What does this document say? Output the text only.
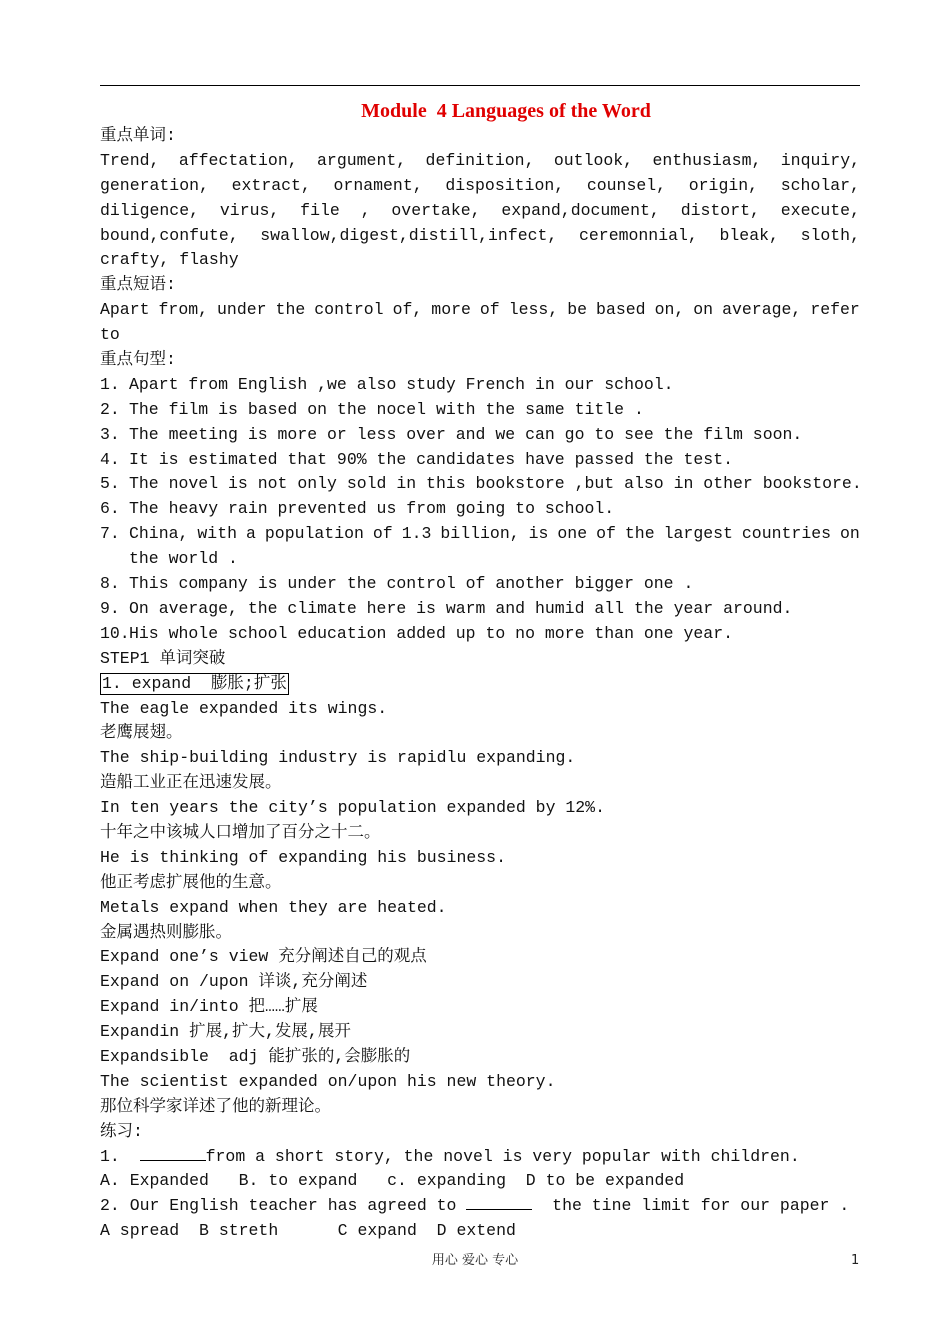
Module  4 Languages of the Word
重点单词:
Trend, affectation, argument, definition, outlook, enthusiasm, inquiry,
generation, extract, ornament, disposition, counsel, origin, scholar,
diligence, virus, file , overtake, expand,document, distort, execute,
bound,confute, swallow,digest,distill,infect, ceremonnial, bleak, sloth,
crafty, flashy
重点短语:
Apart from, under the control of, more of less, be based on, on average, refer
to
重点句型:
1. Apart from English ,we also study French in our school.
2. The film is based on the nocel with the same title .
3. The meeting is more or less over and we can go to see the film soon.
4. It is estimated that 90% the candidates have passed the test.
5. The novel is not only sold in this bookstore ,but also in other bookstore.
6. The heavy rain prevented us from going to school.
7. China, with a population of 1.3 billion, is one of the largest countries on
the world .
8. This company is under the control of another bigger one .
9. On average, the climate here is warm and humid all the year around.
10. His whole school education added up to no more than one year.
STEP1 单词突破
1. expand  膨胀;扩张
The eagle expanded its wings.
老鹰展翅。
The ship-building industry is rapidlu expanding.
造船工业正在迅速发展。
In ten years the city’s population expanded by 12%.
十年之中该城人口增加了百分之十二。
He is thinking of expanding his business.
他正考虑扩展他的生意。
Metals expand when they are heated.
金属遇热则膨胀。
Expand one’s view 充分阐述自己的观点
Expand on /upon 详谈,充分阐述
Expand in/into 把……扩展
Expandin 扩展,扩大,发展,展开
Expandsible  adj 能扩张的,会膨胀的
The scientist expanded on/upon his new theory.
那位科学家详述了他的新理论。
练习:
1.	from a short story, the novel is very popular with children.
A. Expanded   B. to expand   c. expanding  D to be expanded
2. Our English teacher has agreed to	the tine limit for our paper .
A spread  B streth      C expand  D extend
用心 爱心 专心	1
